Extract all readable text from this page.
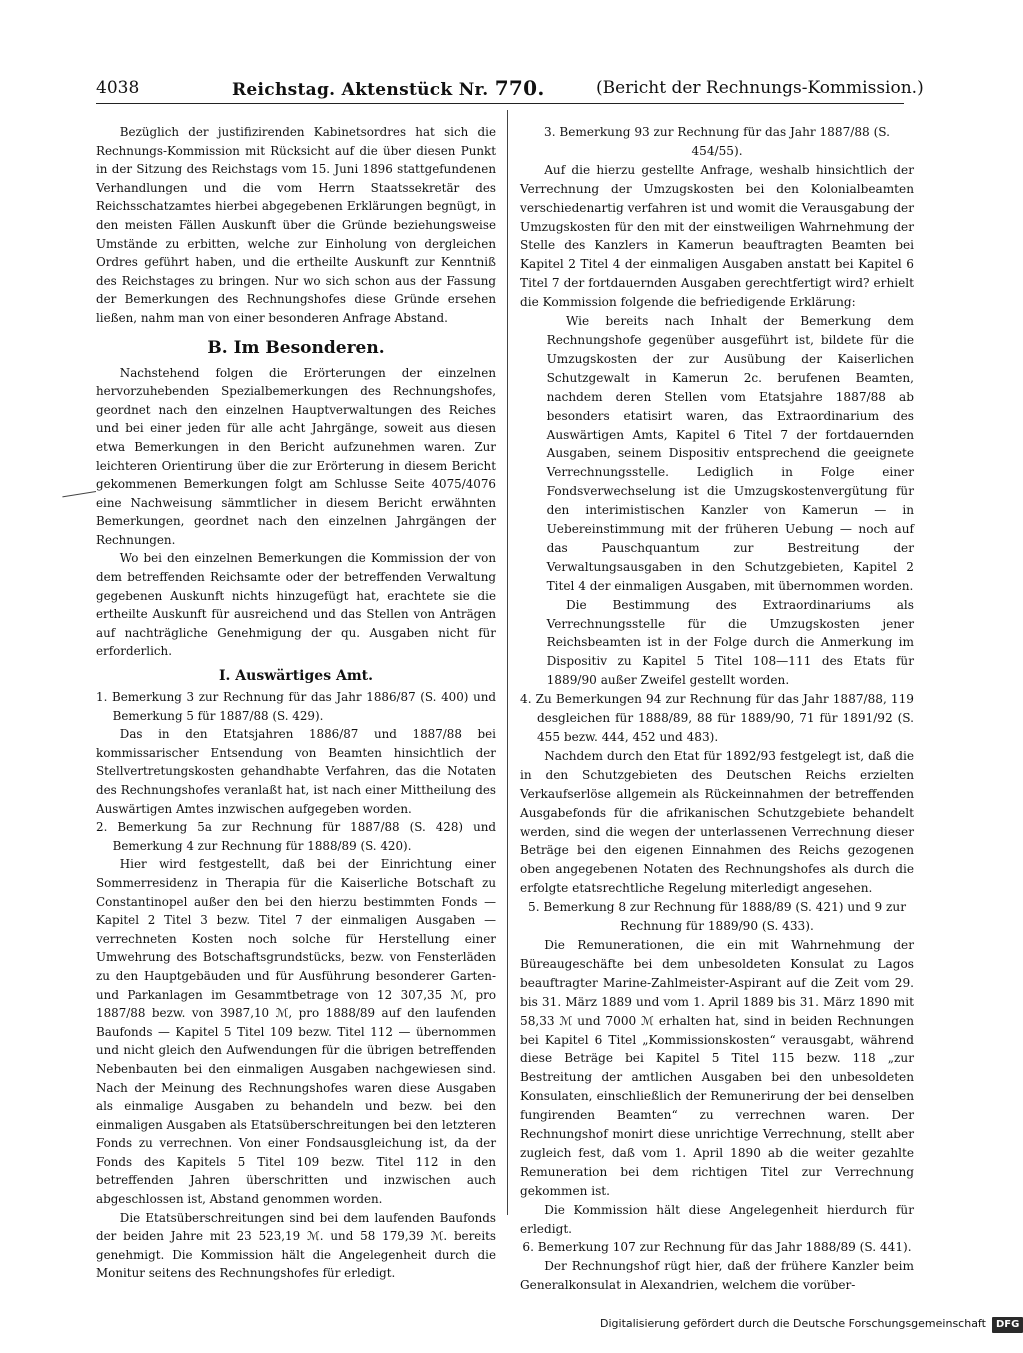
4038	Reichstag. Aktenstück Nr. 770.	(Bericht der Rechnungs-Kommission.)

Bezüglich der justifizirenden Kabinetsordres hat sich die Rechnungs-Kommission mit Rücksicht auf die über diesen Punkt in der Sitzung des Reichstags vom 15. Juni 1896 stattgefundenen Verhandlungen und die vom Herrn Staatssekretär des Reichsschatzamtes hierbei abgegebenen Erklärungen begnügt, in den meisten Fällen Auskunft über die Gründe beziehungsweise Umstände zu erbitten, welche zur Einholung von dergleichen Ordres geführt haben, und die ertheilte Auskunft zur Kenntniß des Reichstages zu bringen. Nur wo sich schon aus der Fassung der Bemerkungen des Rechnungshofes diese Gründe ersehen ließen, nahm man von einer besonderen Anfrage Abstand.

B. Im Besonderen.

Nachstehend folgen die Erörterungen der einzelnen hervorzuhebenden Spezialbemerkungen des Rechnungshofes, geordnet nach den einzelnen Hauptverwaltungen des Reiches und bei einer jeden für alle acht Jahrgänge, soweit aus diesen etwa Bemerkungen in den Bericht aufzunehmen waren. Zur leichteren Orientirung über die zur Erörterung in diesem Bericht gekommenen Bemerkungen folgt am Schlusse Seite 4075/4076 eine Nachweisung sämmtlicher in diesem Bericht erwähnten Bemerkungen, geordnet nach den einzelnen Jahrgängen der Rechnungen.

Wo bei den einzelnen Bemerkungen die Kommission der von dem betreffenden Reichsamte oder der betreffenden Verwaltung gegebenen Auskunft nichts hinzugefügt hat, erachtete sie die ertheilte Auskunft für ausreichend und das Stellen von Anträgen auf nachträgliche Genehmigung der qu. Ausgaben nicht für erforderlich.

I. Auswärtiges Amt.

1. Bemerkung 3 zur Rechnung für das Jahr 1886/87 (S. 400) und Bemerkung 5 für 1887/88 (S. 429).

Das in den Etatsjahren 1886/87 und 1887/88 bei kommissarischer Entsendung von Beamten hinsichtlich der Stellvertretungskosten gehandhabte Verfahren, das die Notaten des Rechnungshofes veranlaßt hat, ist nach einer Mittheilung des Auswärtigen Amtes inzwischen aufgegeben worden.

2. Bemerkung 5a zur Rechnung für 1887/88 (S. 428) und Bemerkung 4 zur Rechnung für 1888/89 (S. 420).

Hier wird festgestellt, daß bei der Einrichtung einer Sommerresidenz in Therapia für die Kaiserliche Botschaft zu Constantinopel außer den bei den hierzu bestimmten Fonds — Kapitel 2 Titel 3 bezw. Titel 7 der einmaligen Ausgaben — verrechneten Kosten noch solche für Herstellung einer Umwehrung des Botschaftsgrundstücks, bezw. von Fensterläden zu den Hauptgebäuden und für Ausführung besonderer Garten- und Parkanlagen im Gesammtbetrage von 12 307,35 ℳ, pro 1887/88 bezw. von 3987,10 ℳ, pro 1888/89 auf den laufenden Baufonds — Kapitel 5 Titel 109 bezw. Titel 112 — übernommen und nicht gleich den Aufwendungen für die übrigen betreffenden Nebenbauten bei den einmaligen Ausgaben nachgewiesen sind. Nach der Meinung des Rechnungshofes waren diese Ausgaben als einmalige Ausgaben zu behandeln und bezw. bei den einmaligen Ausgaben als Etatsüberschreitungen bei den letzteren Fonds zu verrechnen. Von einer Fondsausgleichung ist, da der Fonds des Kapitels 5 Titel 109 bezw. Titel 112 in den betreffenden Jahren überschritten und inzwischen auch abgeschlossen ist, Abstand genommen worden.

Die Etatsüberschreitungen sind bei dem laufenden Baufonds der beiden Jahre mit 23 523,19 ℳ. und 58 179,39 ℳ. bereits genehmigt. Die Kommission hält die Angelegenheit durch die Monitur seitens des Rechnungshofes für erledigt.

3. Bemerkung 93 zur Rechnung für das Jahr 1887/88 (S. 454/55).

Auf die hierzu gestellte Anfrage, weshalb hinsichtlich der Verrechnung der Umzugskosten bei den Kolonialbeamten verschiedenartig verfahren ist und womit die Verausgabung der Umzugskosten für den mit der einstweiligen Wahrnehmung der Stelle des Kanzlers in Kamerun beauftragten Beamten bei Kapitel 2 Titel 4 der einmaligen Ausgaben anstatt bei Kapitel 6 Titel 7 der fortdauernden Ausgaben gerechtfertigt wird? erhielt die Kommission folgende die befriedigende Erklärung:

Wie bereits nach Inhalt der Bemerkung dem Rechnungshofe gegenüber ausgeführt ist, bildete für die Umzugskosten der zur Ausübung der Kaiserlichen Schutzgewalt in Kamerun 2c. berufenen Beamten, nachdem deren Stellen vom Etatsjahre 1887/88 ab besonders etatisirt waren, das Extraordinarium des Auswärtigen Amts, Kapitel 6 Titel 7 der fortdauernden Ausgaben, seinem Dispositiv entsprechend die geeignete Verrechnungsstelle. Lediglich in Folge einer Fondsverwechselung ist die Umzugskostenvergütung für den interimistischen Kanzler von Kamerun — in Uebereinstimmung mit der früheren Uebung — noch auf das Pauschquantum zur Bestreitung der Verwaltungsausgaben in den Schutzgebieten, Kapitel 2 Titel 4 der einmaligen Ausgaben, mit übernommen worden.

Die Bestimmung des Extraordinariums als Verrechnungsstelle für die Umzugskosten jener Reichsbeamten ist in der Folge durch die Anmerkung im Dispositiv zu Kapitel 5 Titel 108—111 des Etats für 1889/90 außer Zweifel gestellt worden.

4. Zu Bemerkungen 94 zur Rechnung für das Jahr 1887/88, 119 desgleichen für 1888/89, 88 für 1889/90, 71 für 1891/92 (S. 455 bezw. 444, 452 und 483).

Nachdem durch den Etat für 1892/93 festgelegt ist, daß die in den Schutzgebieten des Deutschen Reichs erzielten Verkaufserlöse allgemein als Rückeinnahmen der betreffenden Ausgabefonds für die afrikanischen Schutzgebiete behandelt werden, sind die wegen der unterlassenen Verrechnung dieser Beträge bei den eigenen Einnahmen des Reichs gezogenen oben angegebenen Notaten des Rechnungshofes als durch die erfolgte etatsrechtliche Regelung miterledigt angesehen.

5. Bemerkung 8 zur Rechnung für 1888/89 (S. 421) und 9 zur Rechnung für 1889/90 (S. 433).

Die Remunerationen, die ein mit Wahrnehmung der Büreaugeschäfte bei dem unbesoldeten Konsulat zu Lagos beauftragter Marine-Zahlmeister-Aspirant auf die Zeit vom 29. bis 31. März 1889 und vom 1. April 1889 bis 31. März 1890 mit 58,33 ℳ und 7000 ℳ erhalten hat, sind in beiden Rechnungen bei Kapitel 6 Titel „Kommissionskosten“ verausgabt, während diese Beträge bei Kapitel 5 Titel 115 bezw. 118 „zur Bestreitung der amtlichen Ausgaben bei den unbesoldeten Konsulaten, einschließlich der Remunerirung der bei denselben fungirenden Beamten“ zu verrechnen waren. Der Rechnungshof monirt diese unrichtige Verrechnung, stellt aber zugleich fest, daß vom 1. April 1890 ab die weiter gezahlte Remuneration bei dem richtigen Titel zur Verrechnung gekommen ist.

Die Kommission hält diese Angelegenheit hierdurch für erledigt.

6. Bemerkung 107 zur Rechnung für das Jahr 1888/89 (S. 441).

Der Rechnungshof rügt hier, daß der frühere Kanzler beim Generalkonsulat in Alexandrien, welchem die vorüber-

Digitalisierung gefördert durch die Deutsche Forschungsgemeinschaft DFG
